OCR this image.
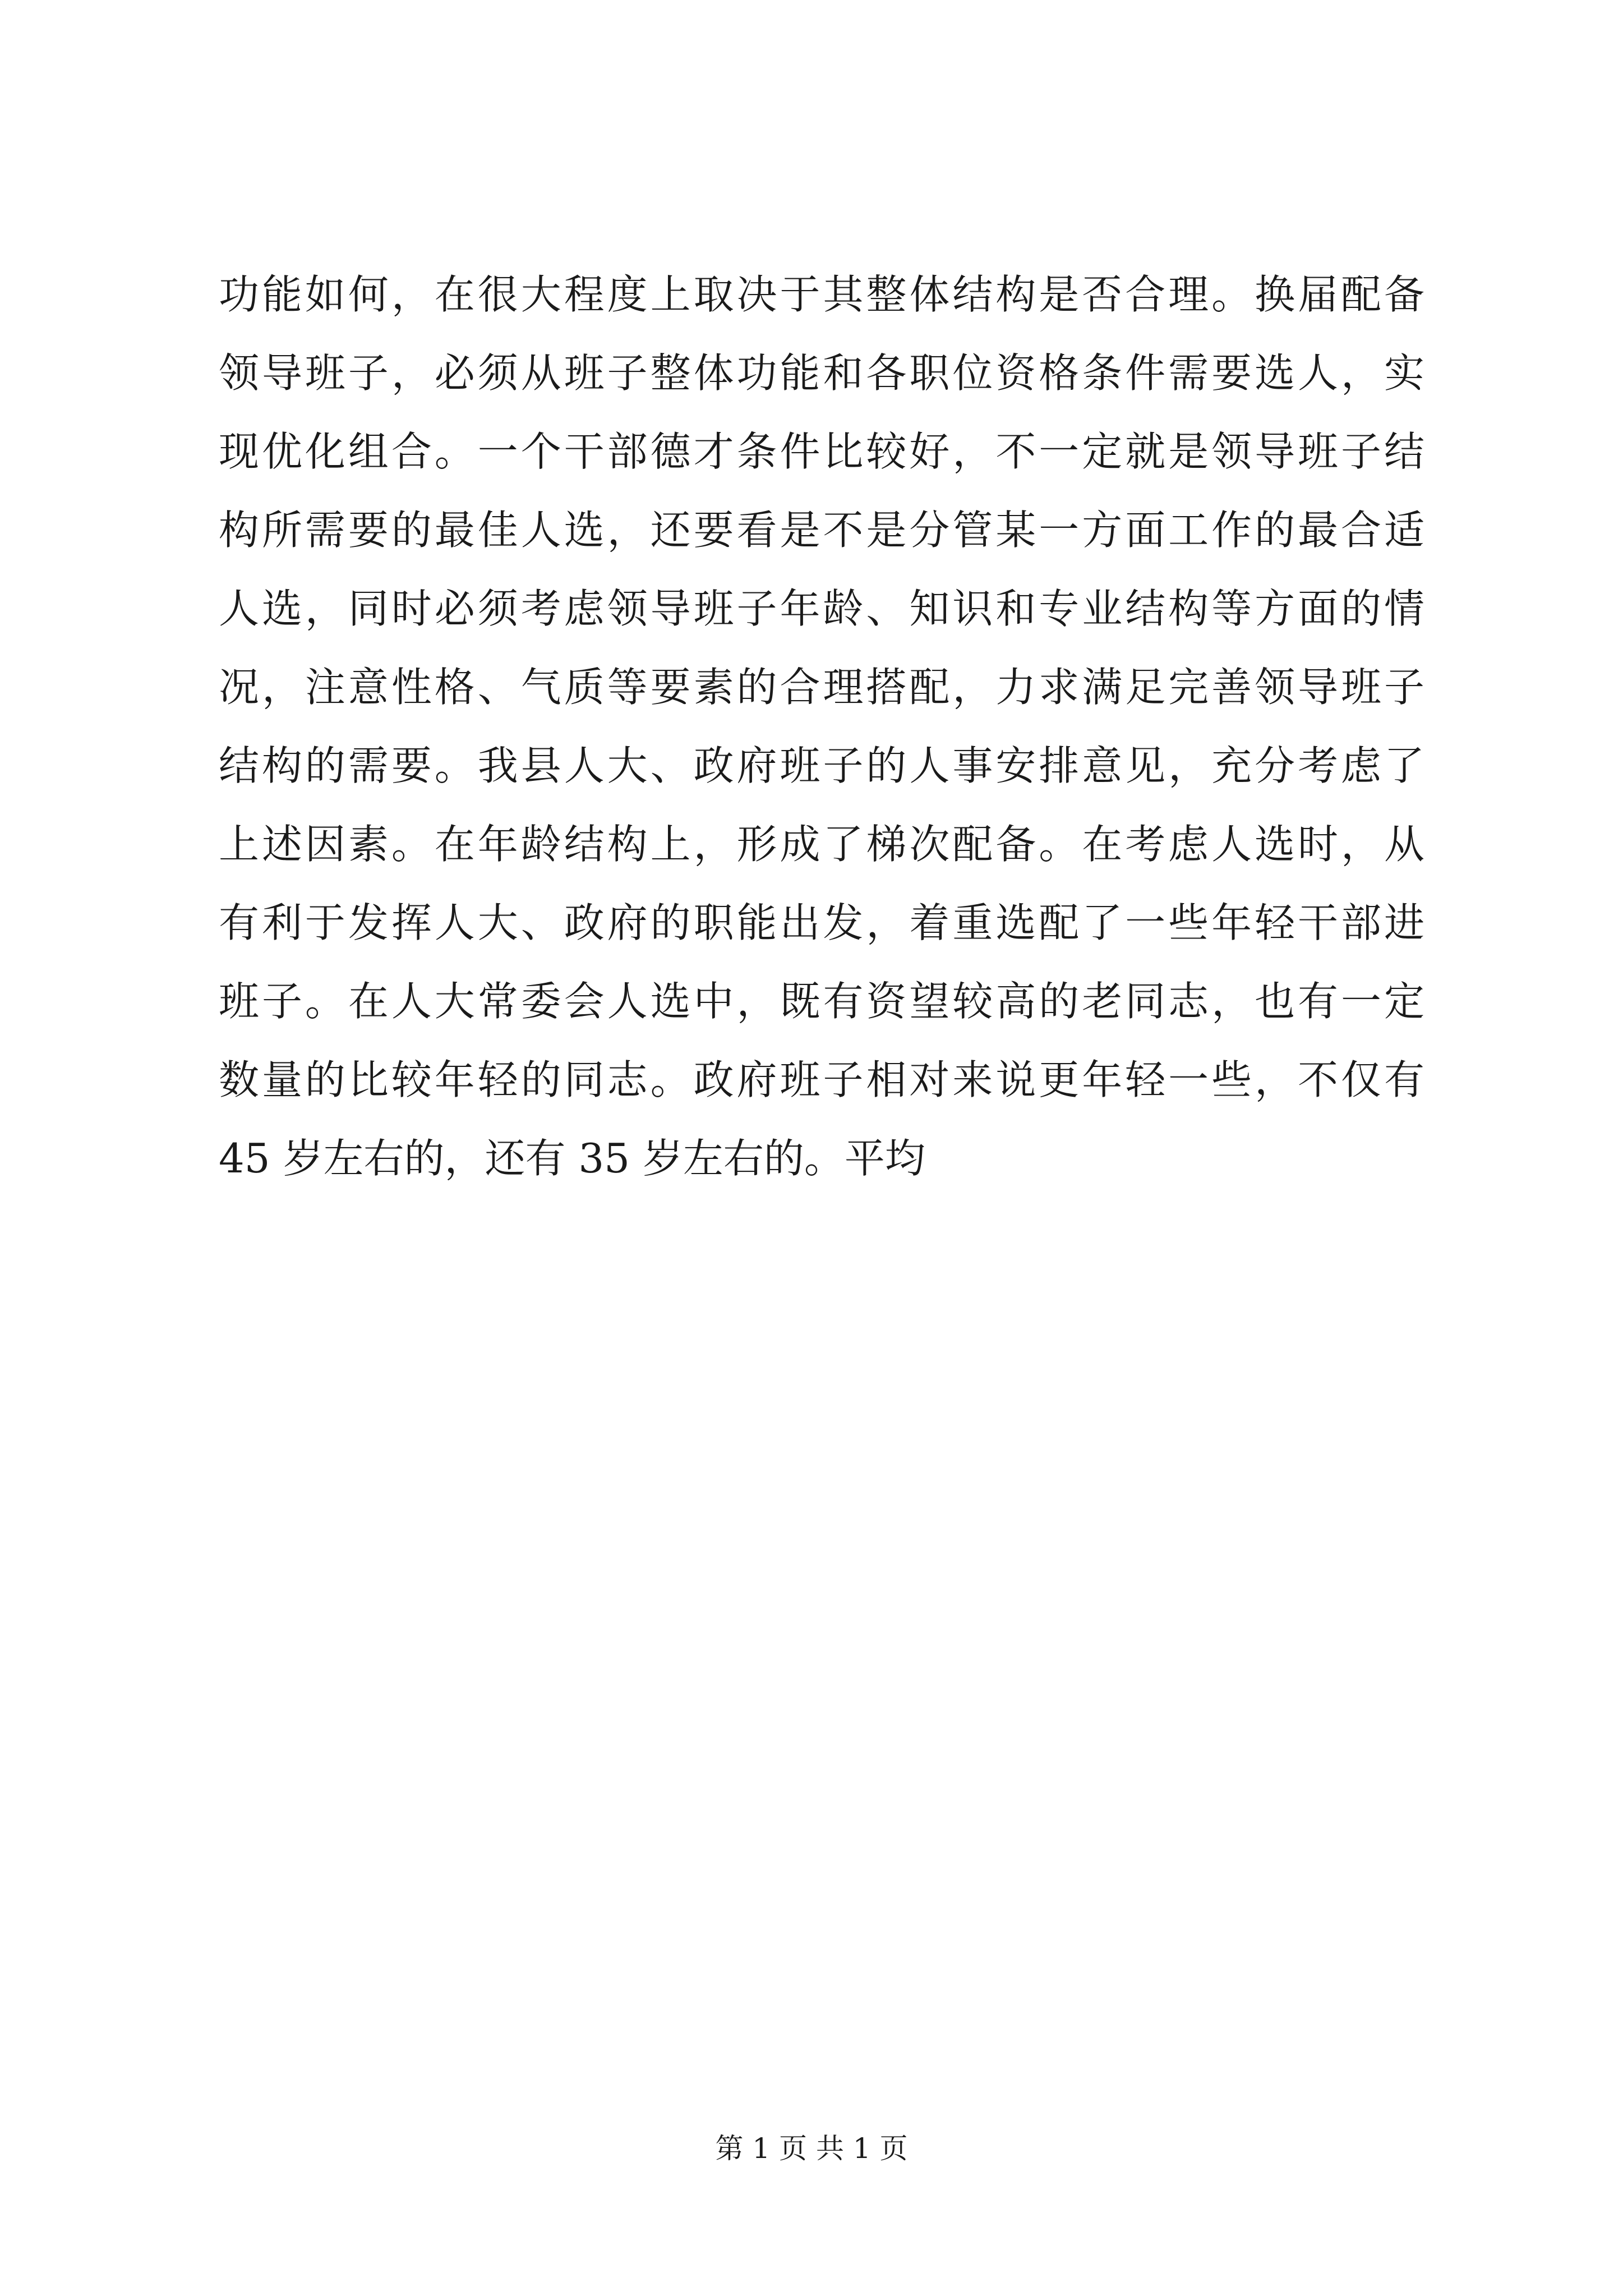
功能如何，在很大程度上取决于其整体结构是否合理。换届配备
领导班子，必须从班子整体功能和各职位资格条件需要选人，实
现优化组合。一个干部德才条件比较好，不一定就是领导班子结
构所需要的最佳人选，还要看是不是分管某一方面工作的最合适
人选，同时必须考虑领导班子年龄、知识和专业结构等方面的情
况，注意性格、气质等要素的合理搭配，力求满足完善领导班子
结构的需要。我县人大、政府班子的人事安排意见，充分考虑了
上述因素。在年龄结构上，形成了梯次配备。在考虑人选时，从
有利于发挥人大、政府的职能出发，着重选配了一些年轻干部进
班子。在人大常委会人选中，既有资望较高的老同志，也有一定
数量的比较年轻的同志。政府班子相对来说更年轻一些，不仅有
45 岁左右的，还有 35 岁左右的。平均
第 1 页 共 1 页
